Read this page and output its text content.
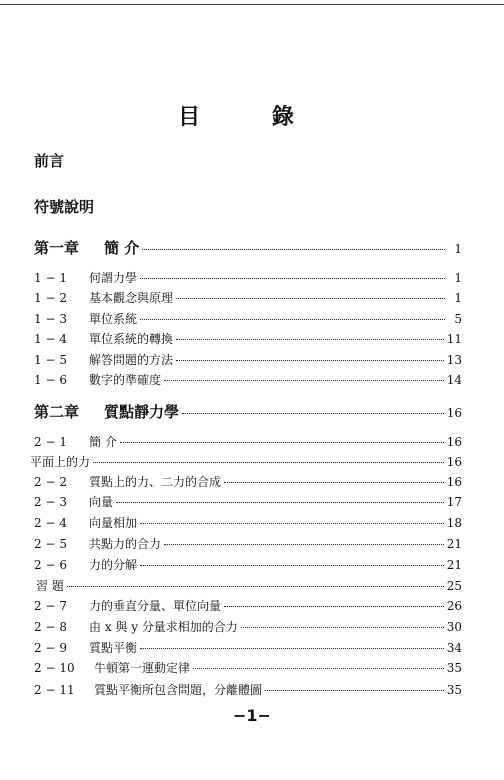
目 錄
前言
符號說明
第一章	簡 介	1
1 − 1	何謂力學	1
1 − 2	基本觀念與原理	1
1 − 3	單位系統	5
1 − 4	單位系統的轉換	11
1 − 5	解答問題的方法	13
1 − 6	數字的準確度	14
第二章	質點靜力學	16
2 − 1	簡 介	16
平面上的力	16
2 − 2	質點上的力、二力的合成	16
2 − 3	向量	17
2 − 4	向量相加	18
2 − 5	共點力的合力	21
2 − 6	力的分解	21
習 題	25
2 − 7	力的垂直分量、單位向量	26
2 − 8	由 x 與 y 分量求相加的合力	30
2 − 9	質點平衡	34
2 − 10	牛頓第一運動定律	35
2 − 11	質點平衡所包含問題，分離體圖	35
−1−
